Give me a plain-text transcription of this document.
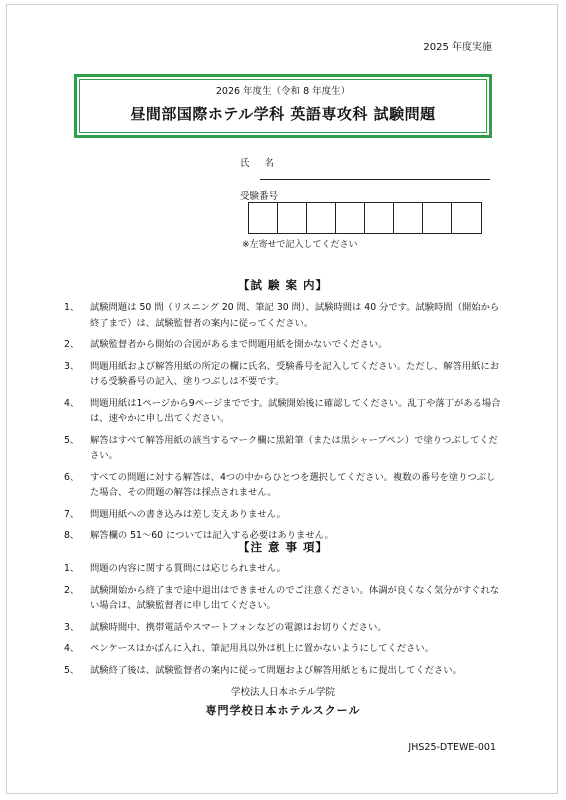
2025 年度実施
2026 年度生（令和 8 年度生）
昼間部国際ホテル学科 英語専攻科 試験問題
氏 名
受験番号
※左寄せで記入してください
【試 験 案 内】
1、	試験問題は 50 問（リスニング 20 問、筆記 30 問）、試験時間は 40 分です。試験時間（開始から終了まで）は、試験監督者の案内に従ってください。
2、	試験監督者から開始の合図があるまで問題用紙を開かないでください。
3、	問題用紙および解答用紙の所定の欄に氏名、受験番号を記入してください。ただし、解答用紙における受験番号の記入、塗りつぶしは不要です。
4、	問題用紙は1ページから9ページまでです。試験開始後に確認してください。乱丁や落丁がある場合は、速やかに申し出てください。
5、	解答はすべて解答用紙の該当するマーク欄に黒鉛筆（または黒シャープペン）で塗りつぶしてください。
6、	すべての問題に対する解答は、4つの中からひとつを選択してください。複数の番号を塗りつぶした場合、その問題の解答は採点されません。
7、	問題用紙への書き込みは差し支えありません。
8、	解答欄の 51～60 については記入する必要はありません。
【注 意 事 項】
1、	問題の内容に関する質問には応じられません。
2、	試験開始から終了まで途中退出はできませんのでご注意ください。体調が良くなく気分がすぐれない場合は、試験監督者に申し出てください。
3、	試験時間中、携帯電話やスマートフォンなどの電源はお切りください。
4、	ペンケースはかばんに入れ、筆記用具以外は机上に置かないようにしてください。
5、	試験終了後は、試験監督者の案内に従って問題および解答用紙ともに提出してください。
学校法人日本ホテル学院
専門学校日本ホテルスクール
JHS25-DTEWE-001
